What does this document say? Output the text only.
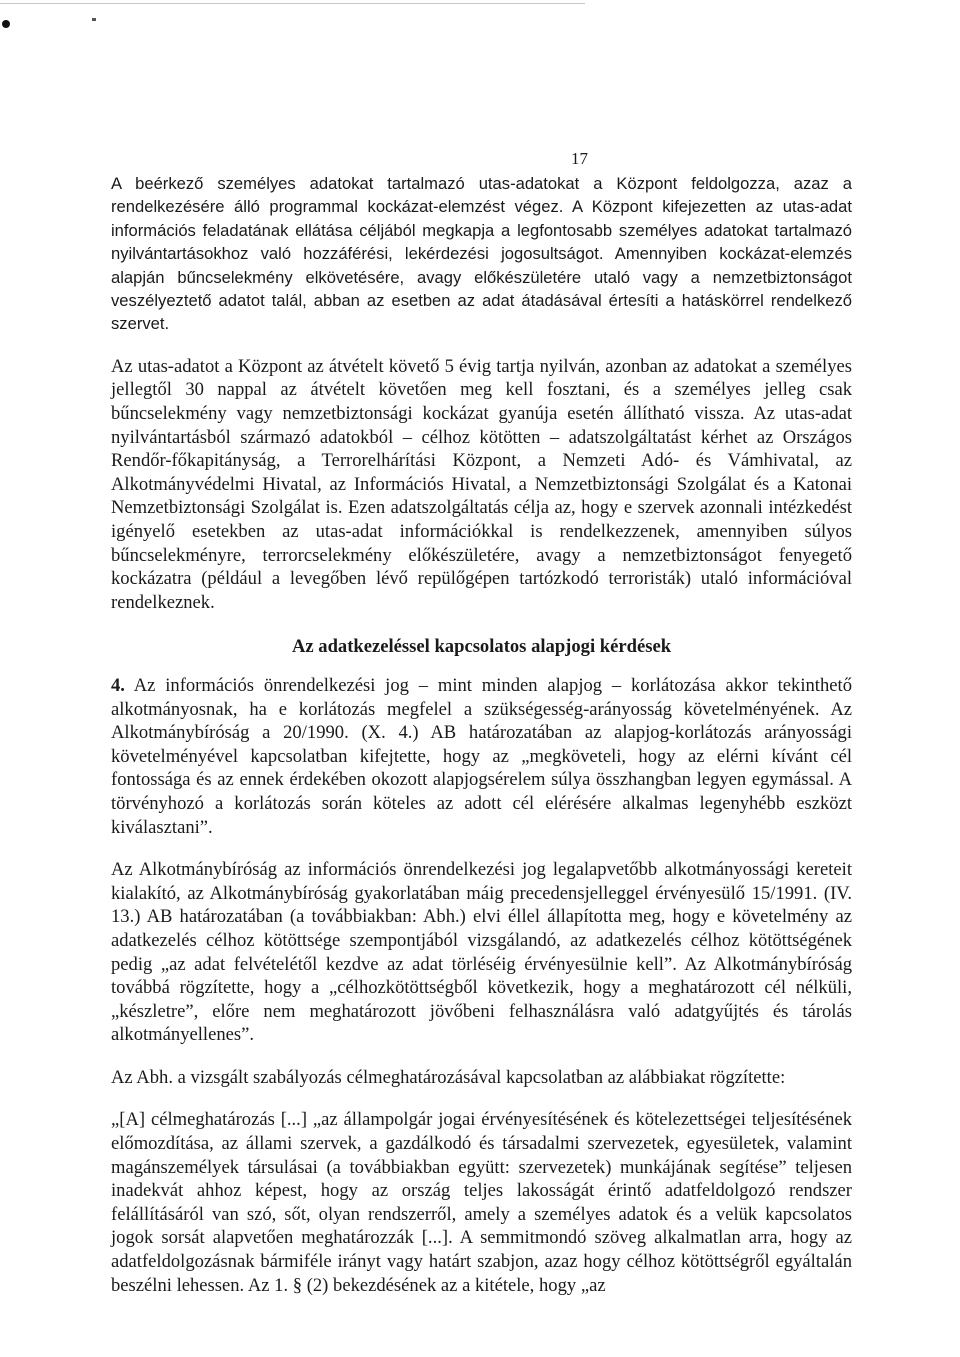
17

A beérkező személyes adatokat tartalmazó utas-adatokat a Központ feldolgozza, azaz a rendelkezésére álló programmal kockázat-elemzést végez. A Központ kifejezetten az utas-adat információs feladatának ellátása céljából megkapja a legfontosabb személyes adatokat tartalmazó nyilvántartásokhoz való hozzáférési, lekérdezési jogosultságot. Amennyiben kockázat-elemzés alapján bűncselekmény elkövetésére, avagy előkészületére utaló vagy a nemzetbiztonságot veszélyeztető adatot talál, abban az esetben az adat átadásával értesíti a hatáskörrel rendelkező szervet.

Az utas-adatot a Központ az átvételt követő 5 évig tartja nyilván, azonban az adatokat a személyes jellegtől 30 nappal az átvételt követően meg kell fosztani, és a személyes jelleg csak bűncselekmény vagy nemzetbiztonsági kockázat gyanúja esetén állítható vissza. Az utas-adat nyilvántartásból származó adatokból – célhoz kötötten – adatszolgáltatást kérhet az Országos Rendőr-főkapitányság, a Terrorelhárítási Központ, a Nemzeti Adó- és Vámhivatal, az Alkotmányvédelmi Hivatal, az Információs Hivatal, a Nemzetbiztonsági Szolgálat és a Katonai Nemzetbiztonsági Szolgálat is. Ezen adatszolgáltatás célja az, hogy e szervek azonnali intézkedést igényelő esetekben az utas-adat információkkal is rendelkezzenek, amennyiben súlyos bűncselekményre, terrorcselekmény előkészületére, avagy a nemzetbiztonságot fenyegető kockázatra (például a levegőben lévő repülőgépen tartózkodó terroristák) utaló információval rendelkeznek.

Az adatkezeléssel kapcsolatos alapjogi kérdések

4. Az információs önrendelkezési jog – mint minden alapjog – korlátozása akkor tekinthető alkotmányosnak, ha e korlátozás megfelel a szükségesség-arányosság követelményének. Az Alkotmánybíróság a 20/1990. (X. 4.) AB határozatában az alapjog-korlátozás arányossági követelményével kapcsolatban kifejtette, hogy az „megköveteli, hogy az elérni kívánt cél fontossága és az ennek érdekében okozott alapjogsérelem súlya összhangban legyen egymással. A törvényhozó a korlátozás során köteles az adott cél elérésére alkalmas legenyhébb eszközt kiválasztani”.

Az Alkotmánybíróság az információs önrendelkezési jog legalapvetőbb alkotmányossági kereteit kialakító, az Alkotmánybíróság gyakorlatában máig precedensjelleggel érvényesülő 15/1991. (IV. 13.) AB határozatában (a továbbiakban: Abh.) elvi éllel állapította meg, hogy e követelmény az adatkezelés célhoz kötöttsége szempontjából vizsgálandó, az adatkezelés célhoz kötöttségének pedig „az adat felvételétől kezdve az adat törléséig érvényesülnie kell”. Az Alkotmánybíróság továbbá rögzítette, hogy a „célhozkötöttségből következik, hogy a meghatározott cél nélküli, „készletre”, előre nem meghatározott jövőbeni felhasználásra való adatgyűjtés és tárolás alkotmányellenes”.

Az Abh. a vizsgált szabályozás célmeghatározásával kapcsolatban az alábbiakat rögzítette:

„[A] célmeghatározás [...] „az állampolgár jogai érvényesítésének és kötelezettségei teljesítésének előmozdítása, az állami szervek, a gazdálkodó és társadalmi szervezetek, egyesületek, valamint magánszemélyek társulásai (a továbbiakban együtt: szervezetek) munkájának segítése” teljesen inadekvát ahhoz képest, hogy az ország teljes lakosságát érintő adatfeldolgozó rendszer felállításáról van szó, sőt, olyan rendszerről, amely a személyes adatok és a velük kapcsolatos jogok sorsát alapvetően meghatározzák [...]. A semmitmondó szöveg alkalmatlan arra, hogy az adatfeldolgozásnak bármiféle irányt vagy határt szabjon, azaz hogy célhoz kötöttségről egyáltalán beszélni lehessen. Az 1. § (2) bekezdésének az a kitétele, hogy „az
